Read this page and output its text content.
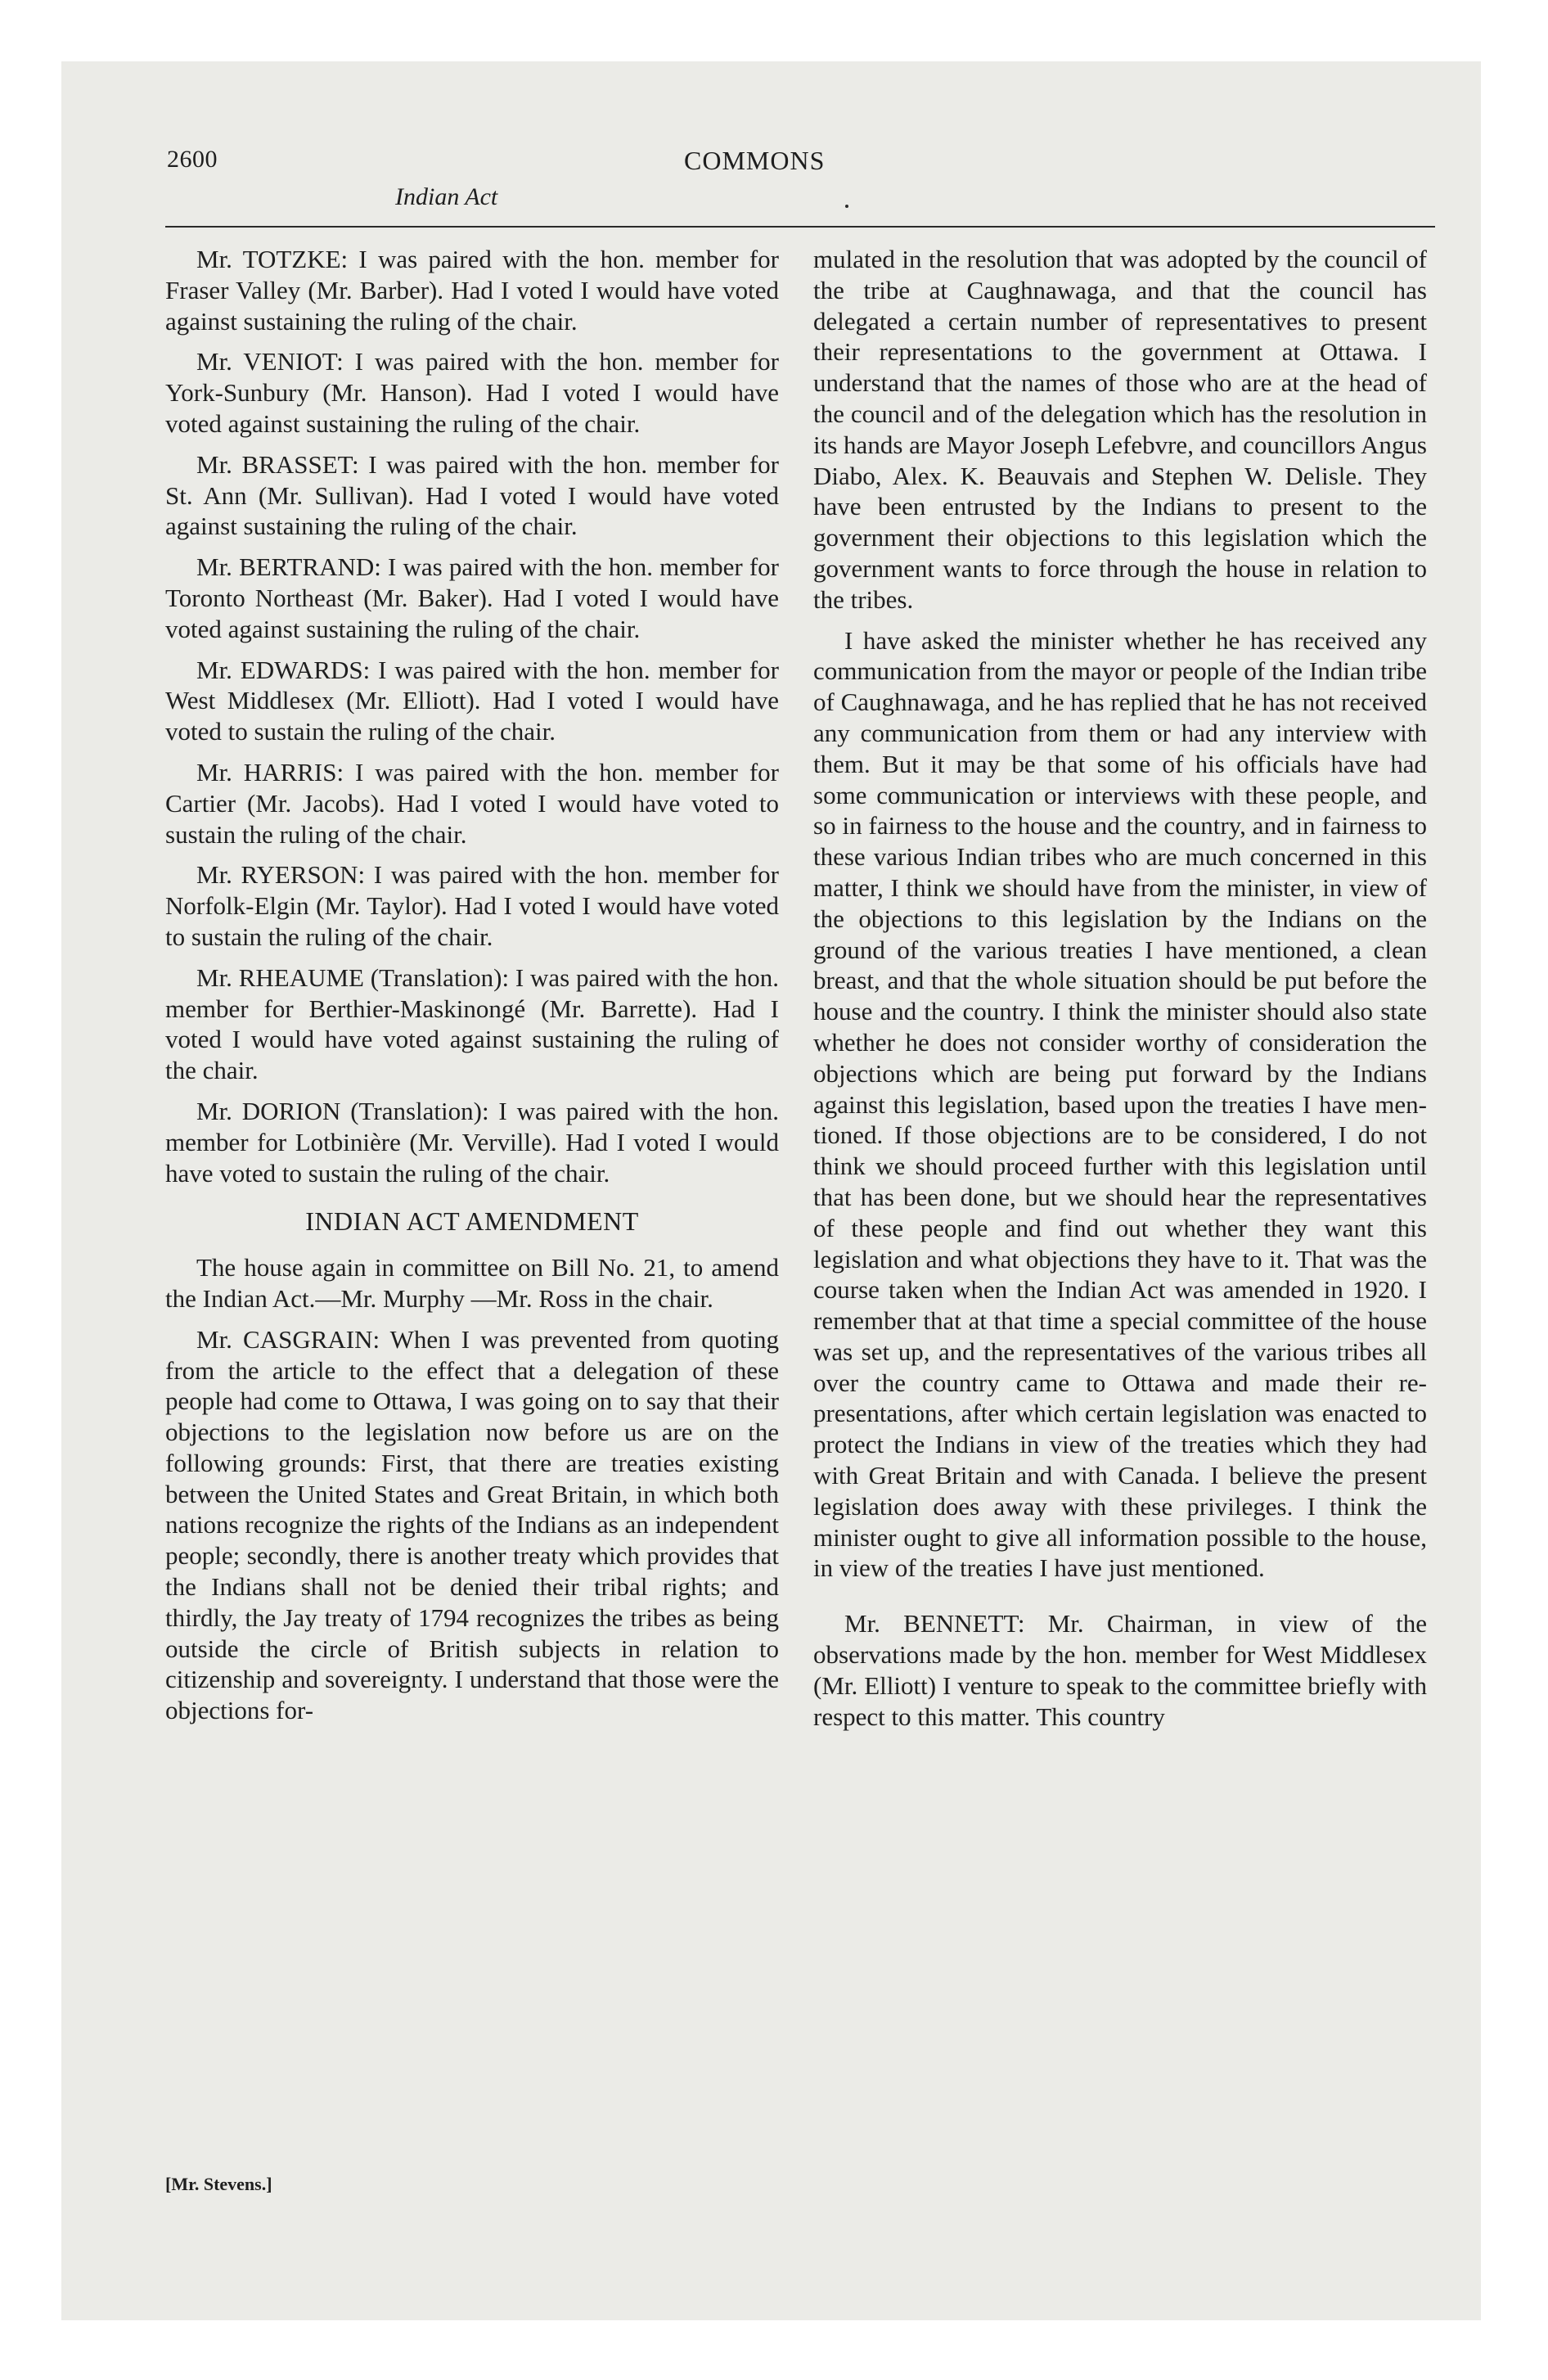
2600	COMMONS
Indian Act

Mr. TOTZKE: I was paired with the hon. member for Fraser Valley (Mr. Barber). Had I voted I would have voted against sustaining the ruling of the chair.

Mr. VENIOT: I was paired with the hon. member for York-Sunbury (Mr. Hanson). Had I voted I would have voted against sustaining the ruling of the chair.

Mr. BRASSET: I was paired with the hon. member for St. Ann (Mr. Sullivan). Had I voted I would have voted against sustaining the ruling of the chair.

Mr. BERTRAND: I was paired with the hon. member for Toronto Northeast (Mr. Baker). Had I voted I would have voted against sustaining the ruling of the chair.

Mr. EDWARDS: I was paired with the hon. member for West Middlesex (Mr. Elliott). Had I voted I would have voted to sustain the ruling of the chair.

Mr. HARRIS: I was paired with the hon. member for Cartier (Mr. Jacobs). Had I voted I would have voted to sustain the ruling of the chair.

Mr. RYERSON: I was paired with the hon. member for Norfolk-Elgin (Mr. Taylor). Had I voted I would have voted to sustain the ruling of the chair.

Mr. RHEAUME (Translation): I was paired with the hon. member for Berthier-Maskinongé (Mr. Barrette). Had I voted I would have voted against sustaining the ruling of the chair.

Mr. DORION (Translation): I was paired with the hon. member for Lotbinière (Mr. Verville). Had I voted I would have voted to sustain the ruling of the chair.

INDIAN ACT AMENDMENT

The house again in committee on Bill No. 21, to amend the Indian Act.—Mr. Murphy —Mr. Ross in the chair.

Mr. CASGRAIN: When I was prevented from quoting from the article to the effect that a delegation of these people had come to Ottawa, I was going on to say that their objections to the legislation now before us are on the following grounds: First, that there are treaties existing between the United States and Great Britain, in which both nations recognize the rights of the Indians as an independent people; secondly, there is another treaty which provides that the Indians shall not be denied their tribal rights; and thirdly, the Jay treaty of 1794 recognizes the tribes as being outside the circle of British subjects in relation to citizenship and sovereignty. I understand that those were the objections for-

mulated in the resolution that was adopted by the council of the tribe at Caughnawaga, and that the council has delegated a certain number of representatives to present their representations to the government at Ottawa. I understand that the names of those who are at the head of the council and of the delegation which has the resolution in its hands are Mayor Joseph Lefebvre, and councillors Angus Diabo, Alex. K. Beauvais and Stephen W. Delisle. They have been entrusted by the Indians to present to the government their objections to this legislation which the government wants to force through the house in relation to the tribes.

I have asked the minister whether he has received any communication from the mayor or people of the Indian tribe of Caughnawaga, and he has replied that he has not received any communication from them or had any interview with them. But it may be that some of his officials have had some communication or interviews with these people, and so in fairness to the house and the country, and in fairness to these various Indian tribes who are much concerned in this matter, I think we should have from the minister, in view of the objections to this legislation by the Indians on the ground of the various treaties I have mentioned, a clean breast, and that the whole situation should be put before the house and the country. I think the minister should also state whether he does not consider worthy of consideration the objections which are being put forward by the Indians against this legislation, based upon the treaties I have mentioned. If those objections are to be considered, I do not think we should proceed further with this legislation until that has been done, but we should hear the representatives of these people and find out whether they want this legislation and what objections they have to it. That was the course taken when the Indian Act was amended in 1920. I remember that at that time a special committee of the house was set up, and the representatives of the various tribes all over the country came to Ottawa and made their representations, after which certain legislation was enacted to protect the Indians in view of the treaties which they had with Great Britain and with Canada. I believe the present legislation does away with these privileges. I think the minister ought to give all information possible to the house, in view of the treaties I have just mentioned.

Mr. BENNETT: Mr. Chairman, in view of the observations made by the hon. member for West Middlesex (Mr. Elliott) I venture to speak to the committee briefly with respect to this matter. This country

[Mr. Stevens.]
